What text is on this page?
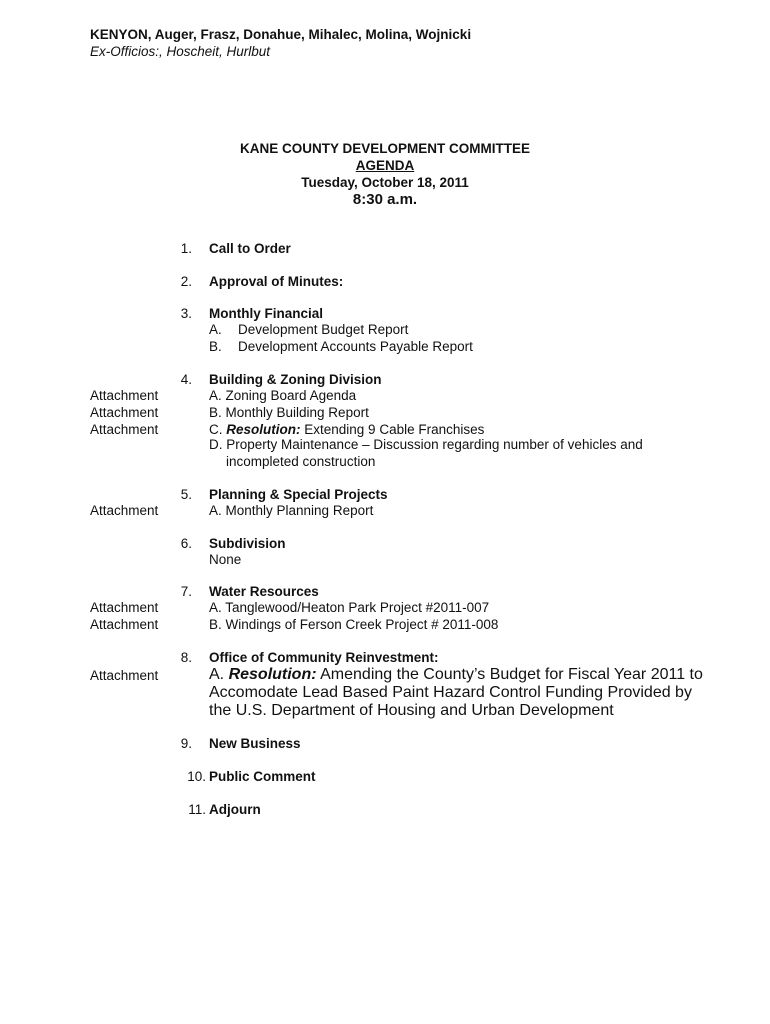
KENYON, Auger, Frasz, Donahue, Mihalec, Molina, Wojnicki
Ex-Officios:, Hoscheit, Hurlbut
KANE COUNTY DEVELOPMENT COMMITTEE
AGENDA
Tuesday, October 18, 2011
8:30 a.m.
1. Call to Order
2. Approval of Minutes:
3. Monthly Financial
A. Development Budget Report
B. Development Accounts Payable Report
4. Building & Zoning Division
Attachment	A. Zoning Board Agenda
Attachment	B. Monthly Building Report
Attachment	C. Resolution: Extending 9 Cable Franchises
D. Property Maintenance – Discussion regarding number of vehicles and
incompleted construction
5. Planning & Special Projects
Attachment	A. Monthly Planning Report
6. Subdivision
None
7. Water Resources
Attachment	A. Tanglewood/Heaton Park Project #2011-007
Attachment	B. Windings of Ferson Creek Project # 2011-008
8. Office of Community Reinvestment:
Attachment	A. Resolution: Amending the County’s Budget for Fiscal Year 2011 to
Accomodate Lead Based Paint Hazard Control Funding Provided by
the U.S. Department of Housing and Urban Development
9. New Business
10. Public Comment
11. Adjourn
